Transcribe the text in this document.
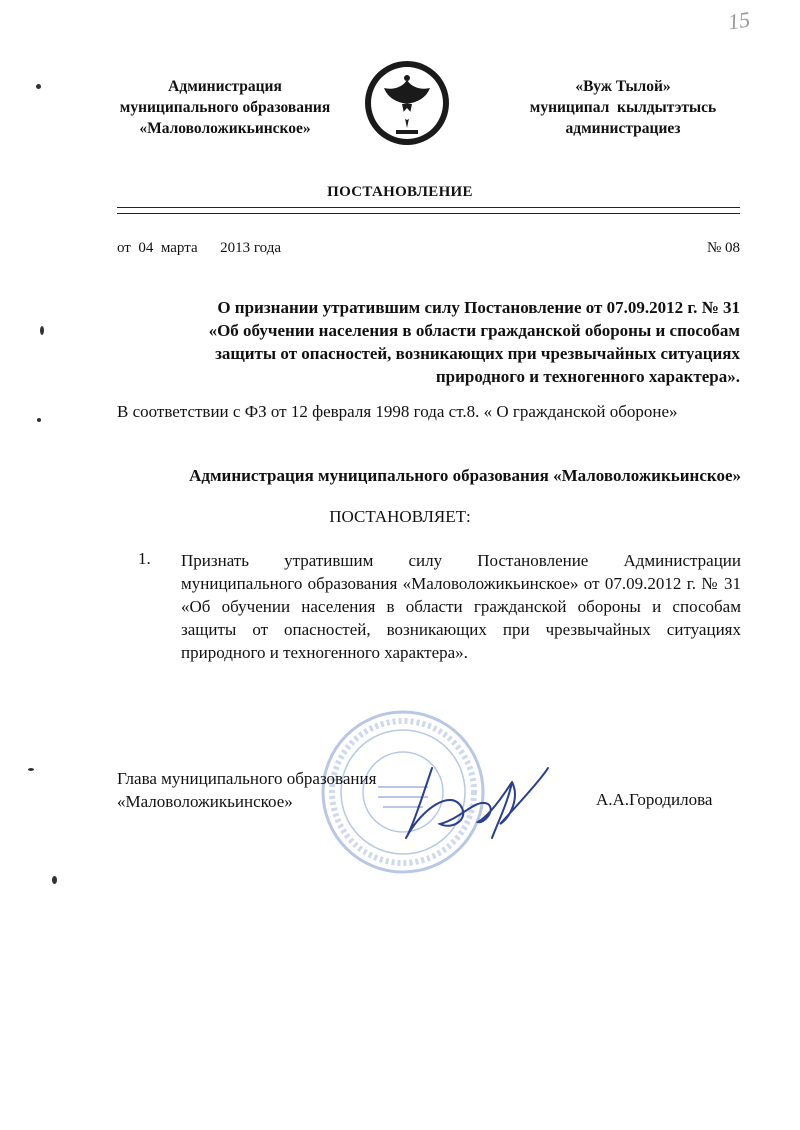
15
Администрация
муниципального образования
«Маловоложикьинское»
«Вуж Тылой»
муниципал  кылдытэтысь
администрациез
ПОСТАНОВЛЕНИЕ
от  04  марта      2013 года	№ 08
О признании утратившим силу Постановление от 07.09.2012 г. № 31
«Об обучении населения в области гражданской обороны и способам
защиты от опасностей, возникающих при чрезвычайных ситуациях
природного и техногенного характера».
В соответствии с ФЗ от 12 февраля 1998 года ст.8. « О гражданской обороне»
Администрация муниципального образования «Маловоложикьинское»
ПОСТАНОВЛЯЕТ:
1. Признать утратившим силу Постановление Администрации муниципального образования «Маловоложикьинское» от 07.09.2012 г. № 31 «Об обучении населения в области гражданской обороны и способам защиты от опасностей, возникающих при чрезвычайных ситуациях природного и техногенного характера».
Глава муниципального образования
«Маловоложикьинское»	А.А.Городилова
